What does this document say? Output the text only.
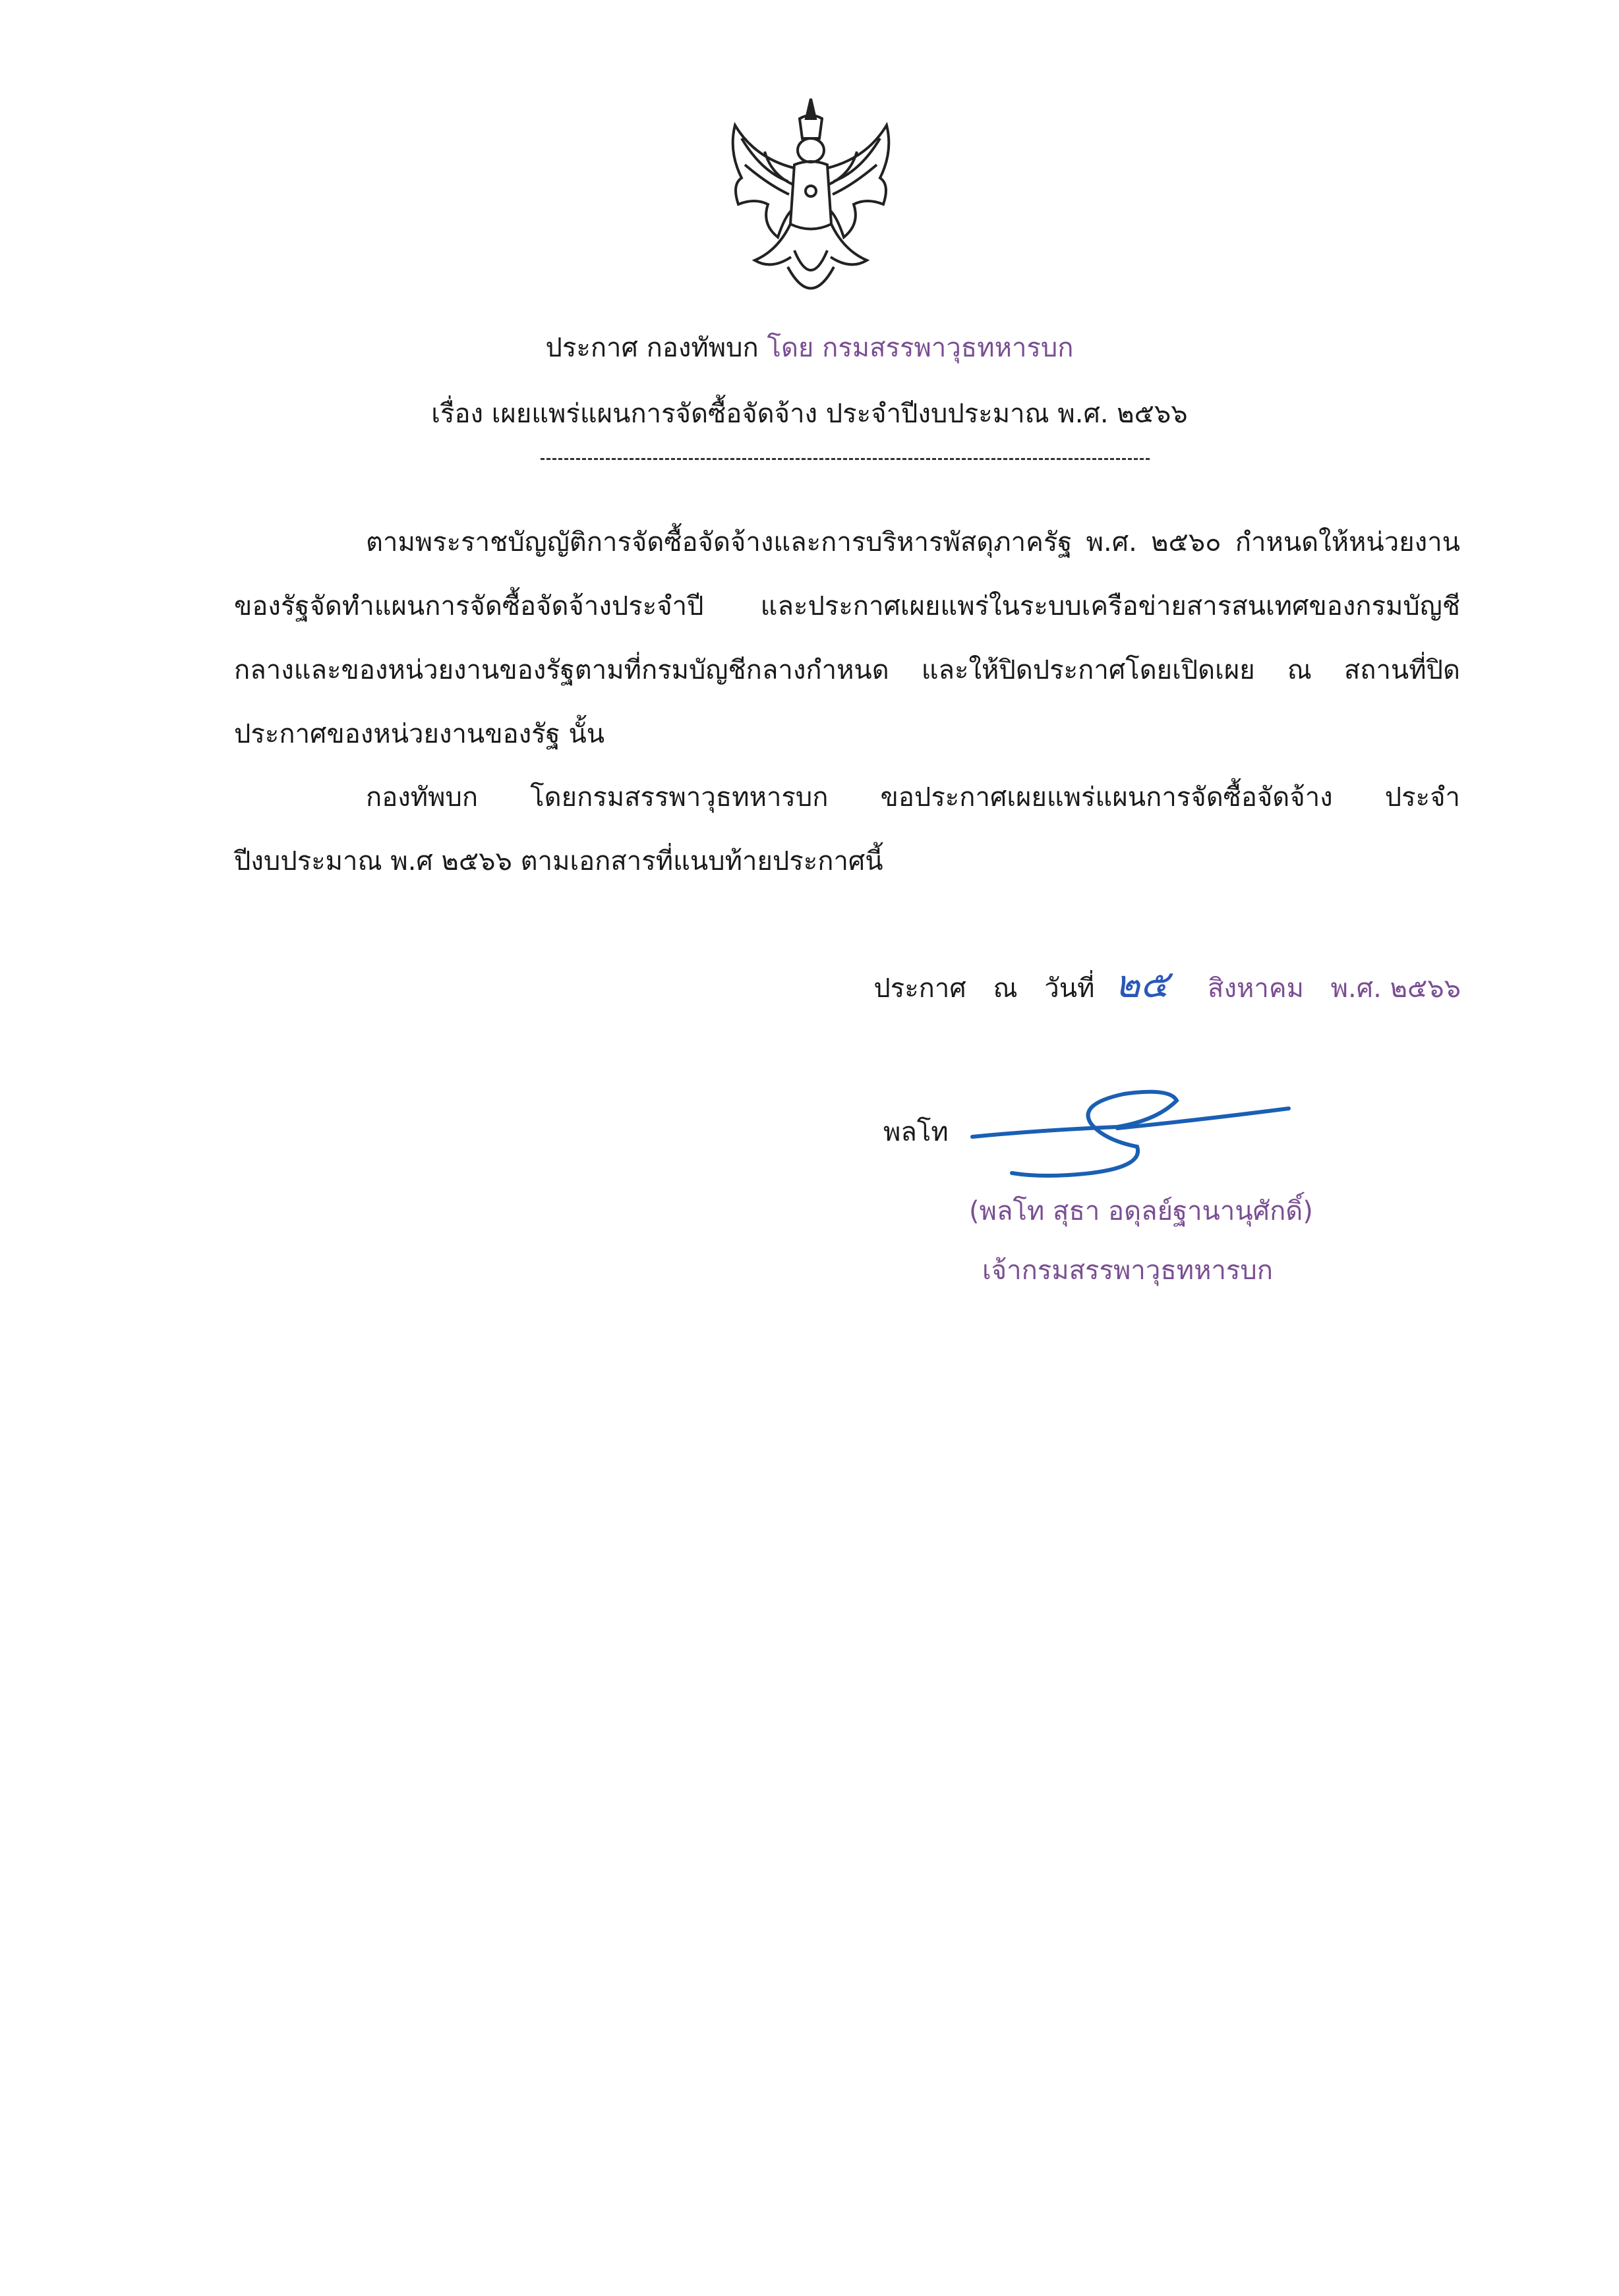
ประกาศ กองทัพบก โดย กรมสรรพาวุธทหารบก
เรื่อง เผยแพร่แผนการจัดซื้อจัดจ้าง ประจำปีงบประมาณ พ.ศ. ๒๕๖๖
ตามพระราชบัญญัติการจัดซื้อจัดจ้างและการบริหารพัสดุภาครัฐ พ.ศ. ๒๕๖๐ กำหนดให้หน่วยงานของรัฐจัดทำแผนการจัดซื้อจัดจ้างประจำปี และประกาศเผยแพร่ในระบบเครือข่ายสารสนเทศของกรมบัญชีกลางและของหน่วยงานของรัฐตามที่กรมบัญชีกลางกำหนด และให้ปิดประกาศโดยเปิดเผย ณ สถานที่ปิดประกาศของหน่วยงานของรัฐ นั้น
กองทัพบก โดยกรมสรรพาวุธทหารบก ขอประกาศเผยแพร่แผนการจัดซื้อจัดจ้าง ประจำปีงบประมาณ พ.ศ ๒๕๖๖ ตามเอกสารที่แนบท้ายประกาศนี้
ประกาศ ณ วันที่ ๒๕ สิงหาคม พ.ศ. ๒๕๖๖
พลโท
(พลโท สุธา อดุลย์ฐานานุศักดิ์)
เจ้ากรมสรรพาวุธทหารบก
